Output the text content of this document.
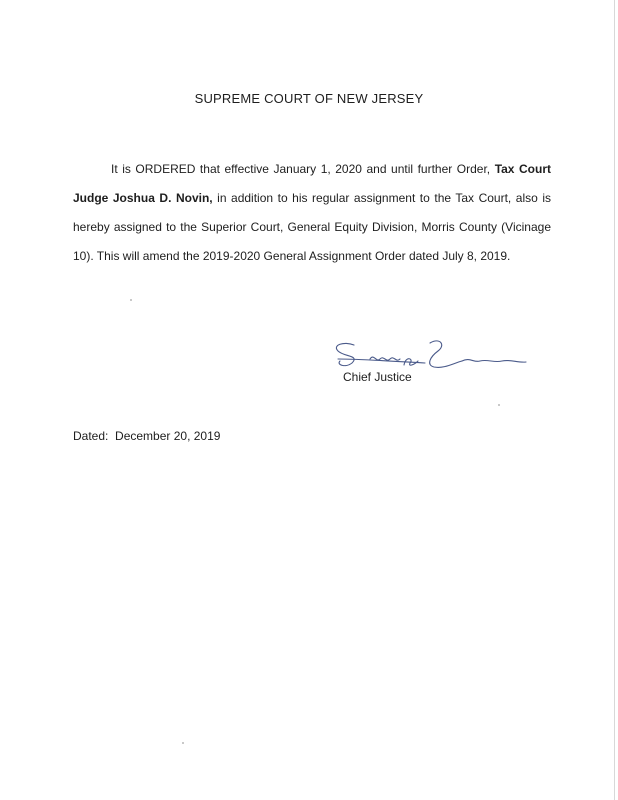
SUPREME COURT OF NEW JERSEY

It is ORDERED that effective January 1, 2020 and until further Order, Tax Court Judge Joshua D. Novin, in addition to his regular assignment to the Tax Court, also is hereby assigned to the Superior Court, General Equity Division, Morris County (Vicinage 10). This will amend the 2019-2020 General Assignment Order dated July 8, 2019.

Chief Justice
Dated: December 20, 2019
